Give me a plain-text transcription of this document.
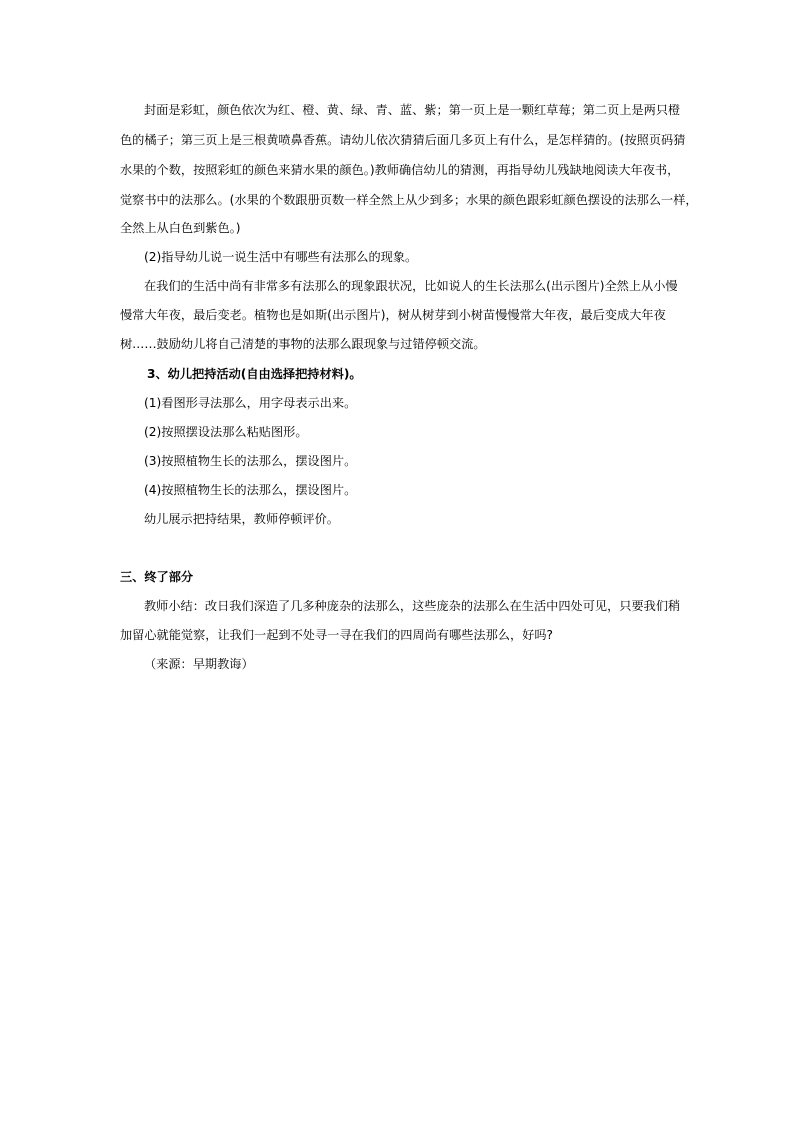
封面是彩虹，颜色依次为红、橙、黄、绿、青、蓝、紫；第一页上是一颗红草莓；第二页上是两只橙
色的橘子；第三页上是三根黄喷鼻香蕉。请幼儿依次猜猜后面几多页上有什么，是怎样猜的。(按照页码猜
水果的个数，按照彩虹的颜色来猜水果的颜色。)教师确信幼儿的猜测，再指导幼儿残缺地阅读大年夜书，
觉察书中的法那么。(水果的个数跟册页数一样全然上从少到多；水果的颜色跟彩虹颜色摆设的法那么一样，
全然上从白色到紫色。)
(2)指导幼儿说一说生活中有哪些有法那么的现象。
在我们的生活中尚有非常多有法那么的现象跟状况，比如说人的生长法那么(出示图片)全然上从小慢
慢常大年夜，最后变老。植物也是如斯(出示图片)，树从树芽到小树苗慢慢常大年夜，最后变成大年夜
树……鼓励幼儿将自己清楚的事物的法那么跟现象与过错停顿交流。
3、幼儿把持活动(自由选择把持材料)。
(1)看图形寻法那么，用字母表示出来。
(2)按照摆设法那么粘贴图形。
(3)按照植物生长的法那么，摆设图片。
(4)按照植物生长的法那么，摆设图片。
幼儿展示把持结果，教师停顿评价。
三、终了部分
教师小结：改日我们深造了几多种庞杂的法那么，这些庞杂的法那么在生活中四处可见，只要我们稍
加留心就能觉察，让我们一起到不处寻一寻在我们的四周尚有哪些法那么，好吗?
（来源：早期教诲）
